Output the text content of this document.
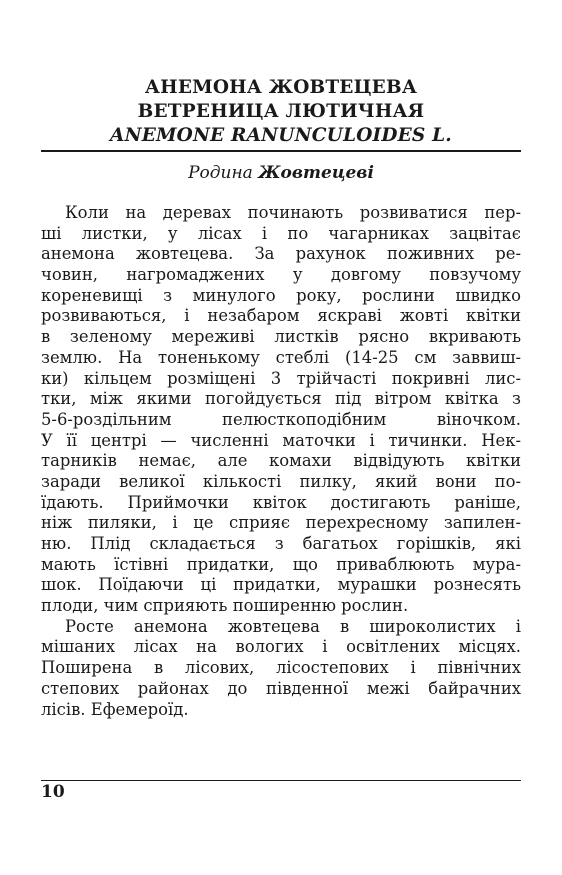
АНЕМОНА ЖОВТЕЦЕВА
ВЕТРЕНИЦА ЛЮТИЧНАЯ
ANEMONE RANUNCULOIDES L.
Родина Жовтецеві
Коли на деревах починають розвиватися пер-
ші листки, у лісах і по чагарниках зацвітає
анемона жовтецева. За рахунок поживних ре-
човин, нагромаджених у довгому повзучому
кореневищі з минулого року, рослини швидко
розвиваються, і незабаром яскраві жовті квітки
в зеленому мереживі листків рясно вкривають
землю. На тоненькому стеблі (14-25 см заввиш-
ки) кільцем розміщені 3 трійчасті покривні лис-
тки, між якими погойдується під вітром квітка з
5-6-роздільним пелюсткоподібним віночком.
У її центрі — численні маточки і тичинки. Нек-
тарників немає, але комахи відвідують квітки
заради великої кількості пилку, який вони по-
їдають. Приймочки квіток достигають раніше,
ніж пиляки, і це сприяє перехресному запилен-
ню. Плід складається з багатьох горішків, які
мають їстівні придатки, що приваблюють мура-
шок. Поїдаючи ці придатки, мурашки рознесять
плоди, чим сприяють поширенню рослин.
Росте анемона жовтецева в широколистих і
мішаних лісах на вологих і освітлених місцях.
Поширена в лісових, лісостепових і північних
степових районах до південної межі байрачних
лісів. Ефемероїд.
10
